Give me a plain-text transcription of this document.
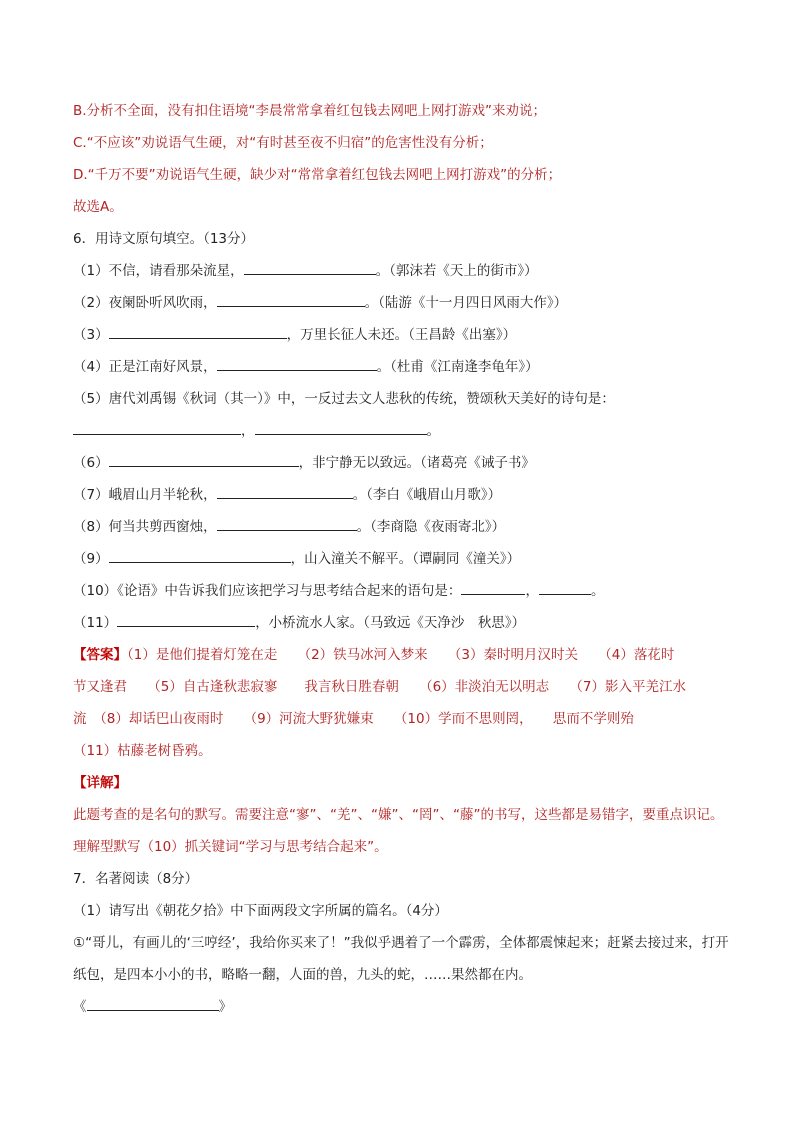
B.分析不全面，没有扣住语境“李晨常常拿着红包钱去网吧上网打游戏”来劝说；
C.“不应该”劝说语气生硬，对“有时甚至夜不归宿”的危害性没有分析；
D.“千万不要”劝说语气生硬，缺少对“常常拿着红包钱去网吧上网打游戏”的分析；
故选A。
6．用诗文原句填空。（13分）
（1）不信，请看那朵流星，	。（郭沫若《天上的街市》）
（2）夜阑卧听风吹雨，	。（陆游《十一月四日风雨大作》）
（3）	，万里长征人未还。（王昌龄《出塞》）
（4）正是江南好风景，	。（杜甫《江南逢李龟年》）
（5）唐代刘禹锡《秋词（其一）》中，一反过去文人悲秋的传统，赞颂秋天美好的诗句是：
，	。
（6）	，非宁静无以致远。（诸葛亮《诫子书》
（7）峨眉山月半轮秋，	。（李白《峨眉山月歌》）
（8）何当共剪西窗烛，	。（李商隐《夜雨寄北》）
（9）	，山入潼关不解平。（谭嗣同《潼关》）
（10）《论语》中告诉我们应该把学习与思考结合起来的语句是：	，	。
（11）	，小桥流水人家。（马致远《天净沙　秋思》）
【答案】（1）是他们提着灯笼在走　　（2）铁马冰河入梦来　　（3）秦时明月汉时关　　（4）落花时
节又逢君　　（5）自古逢秋悲寂寥　　我言秋日胜春朝　　（6）非淡泊无以明志　　（7）影入平羌江水
流　（8）却话巴山夜雨时　　（9）河流大野犹嫌束　　（10）学而不思则罔，　　思而不学则殆
（11）枯藤老树昏鸦。
【详解】
此题考查的是名句的默写。需要注意“寥”、“羌”、“嫌”、“罔”、“藤”的书写，这些都是易错字，要重点识记。理解型默写（10）抓关键词“学习与思考结合起来”。
7．名著阅读（8分）
（1）请写出《朝花夕拾》中下面两段文字所属的篇名。（4分）
①“哥儿，有画儿的‘三哼经’，我给你买来了！”我似乎遇着了一个霹雳，全体都震悚起来；赶紧去接过来，打开纸包，是四本小小的书，略略一翻，人面的兽，九头的蛇，……果然都在内。
《	》
